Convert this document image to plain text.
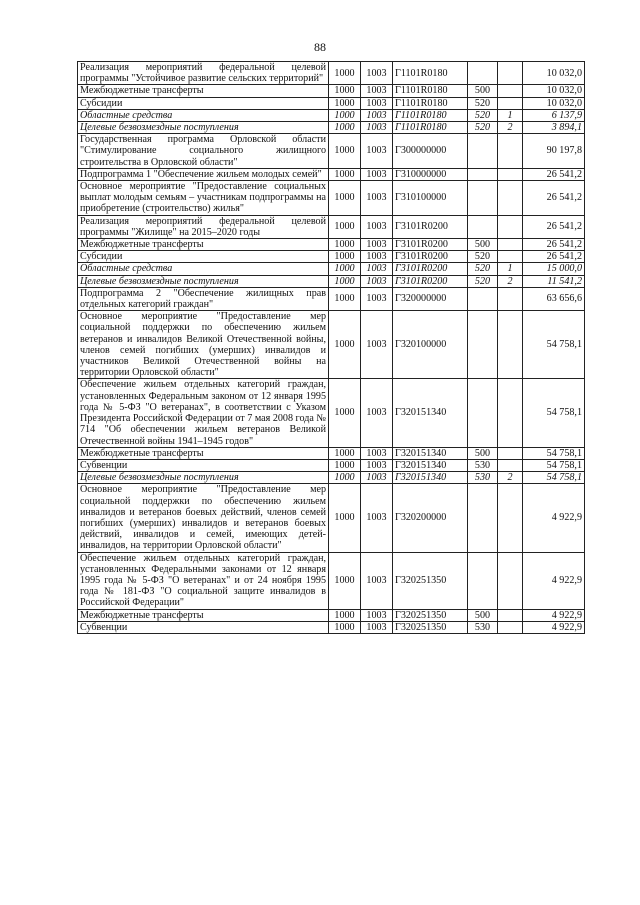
88
Реализация мероприятий федеральной целевой программы "Устойчивое развитие сельских территорий"	1000	1003	Г1101R0180			10 032,0
Межбюджетные трансферты	1000	1003	Г1101R0180	500		10 032,0
Субсидии	1000	1003	Г1101R0180	520		10 032,0
Областные средства	1000	1003	Г1101R0180	520	1	6 137,9
Целевые безвозмездные поступления	1000	1003	Г1101R0180	520	2	3 894,1
Государственная программа Орловской области "Стимулирование социального жилищного строительства в Орловской области"	1000	1003	Г300000000			90 197,8
Подпрограмма 1 "Обеспечение жильем молодых семей"	1000	1003	Г310000000			26 541,2
Основное мероприятие "Предоставление социальных выплат молодым семьям – участникам подпрограммы на приобретение (строительство) жилья"	1000	1003	Г310100000			26 541,2
Реализация мероприятий федеральной целевой программы "Жилище" на 2015–2020 годы	1000	1003	Г3101R0200			26 541,2
Межбюджетные трансферты	1000	1003	Г3101R0200	500		26 541,2
Субсидии	1000	1003	Г3101R0200	520		26 541,2
Областные средства	1000	1003	Г3101R0200	520	1	15 000,0
Целевые безвозмездные поступления	1000	1003	Г3101R0200	520	2	11 541,2
Подпрограмма 2 "Обеспечение жилищных прав отдельных категорий граждан"	1000	1003	Г320000000			63 656,6
Основное мероприятие "Предоставление мер социальной поддержки по обеспечению жильем ветеранов и инвалидов Великой Отечественной войны, членов семей погибших (умерших) инвалидов и участников Великой Отечественной войны на территории Орловской области"	1000	1003	Г320100000			54 758,1
Обеспечение жильем отдельных категорий граждан, установленных Федеральным законом от 12 января 1995 года № 5-ФЗ "О ветеранах", в соответствии с Указом Президента Российской Федерации от 7 мая 2008 года № 714 "Об обеспечении жильем ветеранов Великой Отечественной войны 1941–1945 годов"	1000	1003	Г320151340			54 758,1
Межбюджетные трансферты	1000	1003	Г320151340	500		54 758,1
Субвенции	1000	1003	Г320151340	530		54 758,1
Целевые безвозмездные поступления	1000	1003	Г320151340	530	2	54 758,1
Основное мероприятие "Предоставление мер социальной поддержки по обеспечению жильем инвалидов и ветеранов боевых действий, членов семей погибших (умерших) инвалидов и ветеранов боевых действий, инвалидов и семей, имеющих детей-инвалидов, на территории Орловской области"	1000	1003	Г320200000			4 922,9
Обеспечение жильем отдельных категорий граждан, установленных Федеральными законами от 12 января 1995 года № 5-ФЗ "О ветеранах" и от 24 ноября 1995 года № 181-ФЗ "О социальной защите инвалидов в Российской Федерации"	1000	1003	Г320251350			4 922,9
Межбюджетные трансферты	1000	1003	Г320251350	500		4 922,9
Субвенции	1000	1003	Г320251350	530		4 922,9
